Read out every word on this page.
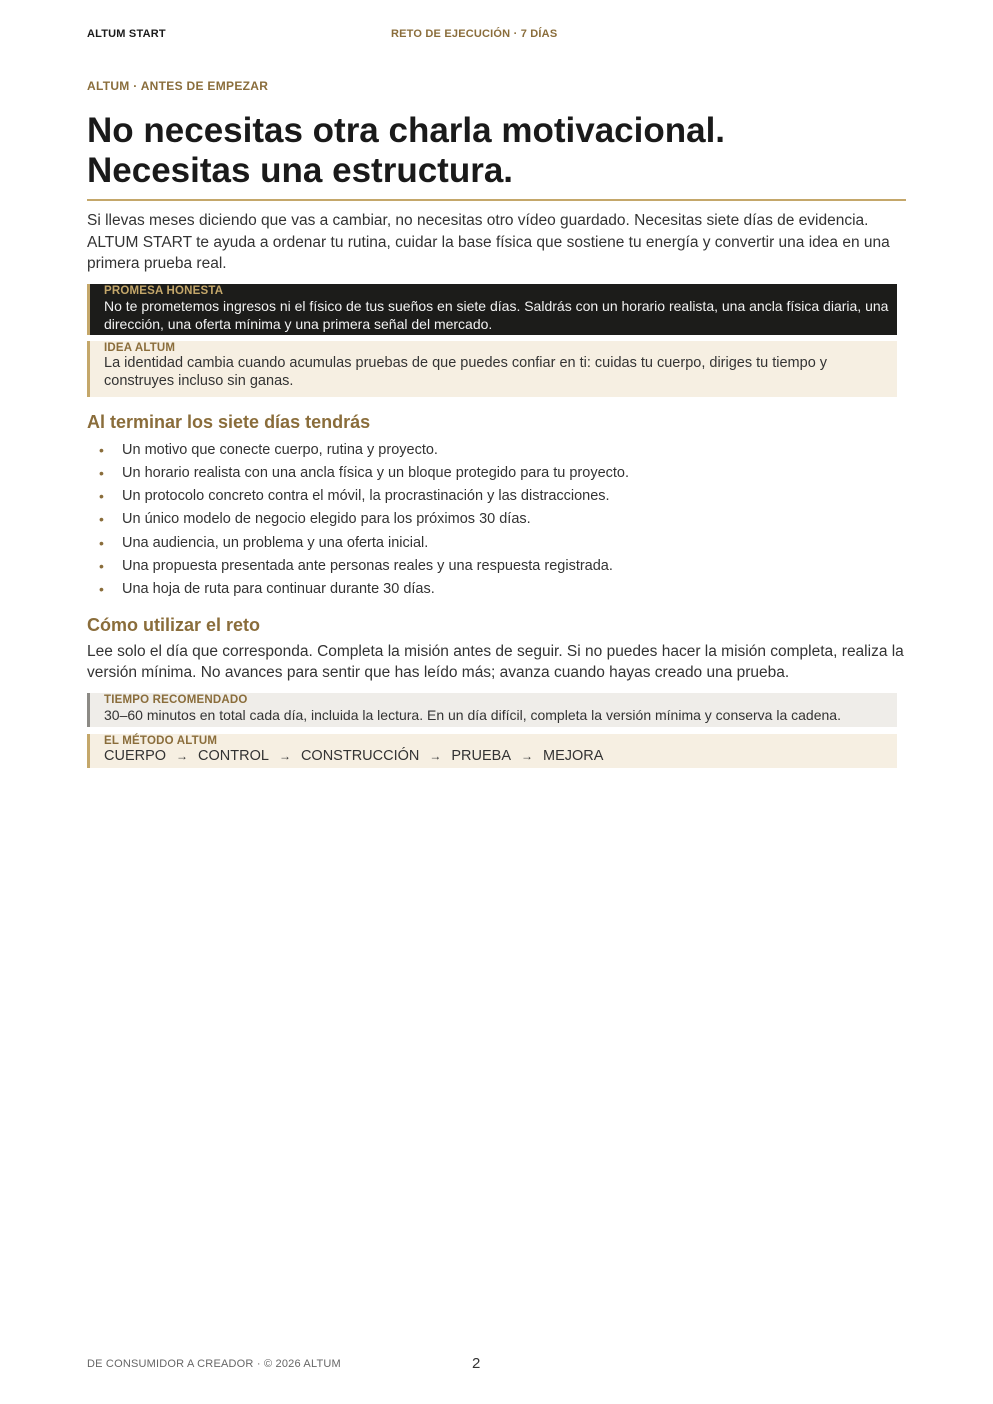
ALTUM START	RETO DE EJECUCIÓN · 7 DÍAS

ALTUM · ANTES DE EMPEZAR

No necesitas otra charla motivacional.
Necesitas una estructura.

Si llevas meses diciendo que vas a cambiar, no necesitas otro vídeo guardado. Necesitas siete días de evidencia. ALTUM START te ayuda a ordenar tu rutina, cuidar la base física que sostiene tu energía y convertir una idea en una primera prueba real.

PROMESA HONESTA
No te prometemos ingresos ni el físico de tus sueños en siete días. Saldrás con un horario realista, una ancla física diaria, una dirección, una oferta mínima y una primera señal del mercado.
IDEA ALTUM
La identidad cambia cuando acumulas pruebas de que puedes confiar en ti: cuidas tu cuerpo, diriges tu tiempo y construyes incluso sin ganas.
Al terminar los siete días tendrás
• Un motivo que conecte cuerpo, rutina y proyecto.
• Un horario realista con una ancla física y un bloque protegido para tu proyecto.
• Un protocolo concreto contra el móvil, la procrastinación y las distracciones.
• Un único modelo de negocio elegido para los próximos 30 días.
• Una audiencia, un problema y una oferta inicial.
• Una propuesta presentada ante personas reales y una respuesta registrada.
• Una hoja de ruta para continuar durante 30 días.
Cómo utilizar el reto

Lee solo el día que corresponda. Completa la misión antes de seguir. Si no puedes hacer la misión completa, realiza la versión mínima. No avances para sentir que has leído más; avanza cuando hayas creado una prueba.

TIEMPO RECOMENDADO
30–60 minutos en total cada día, incluida la lectura. En un día difícil, completa la versión mínima y conserva la cadena.
EL MÉTODO ALTUM
CUERPO → CONTROL → CONSTRUCCIÓN → PRUEBA → MEJORA
DE CONSUMIDOR A CREADOR · © 2026 ALTUM	2
